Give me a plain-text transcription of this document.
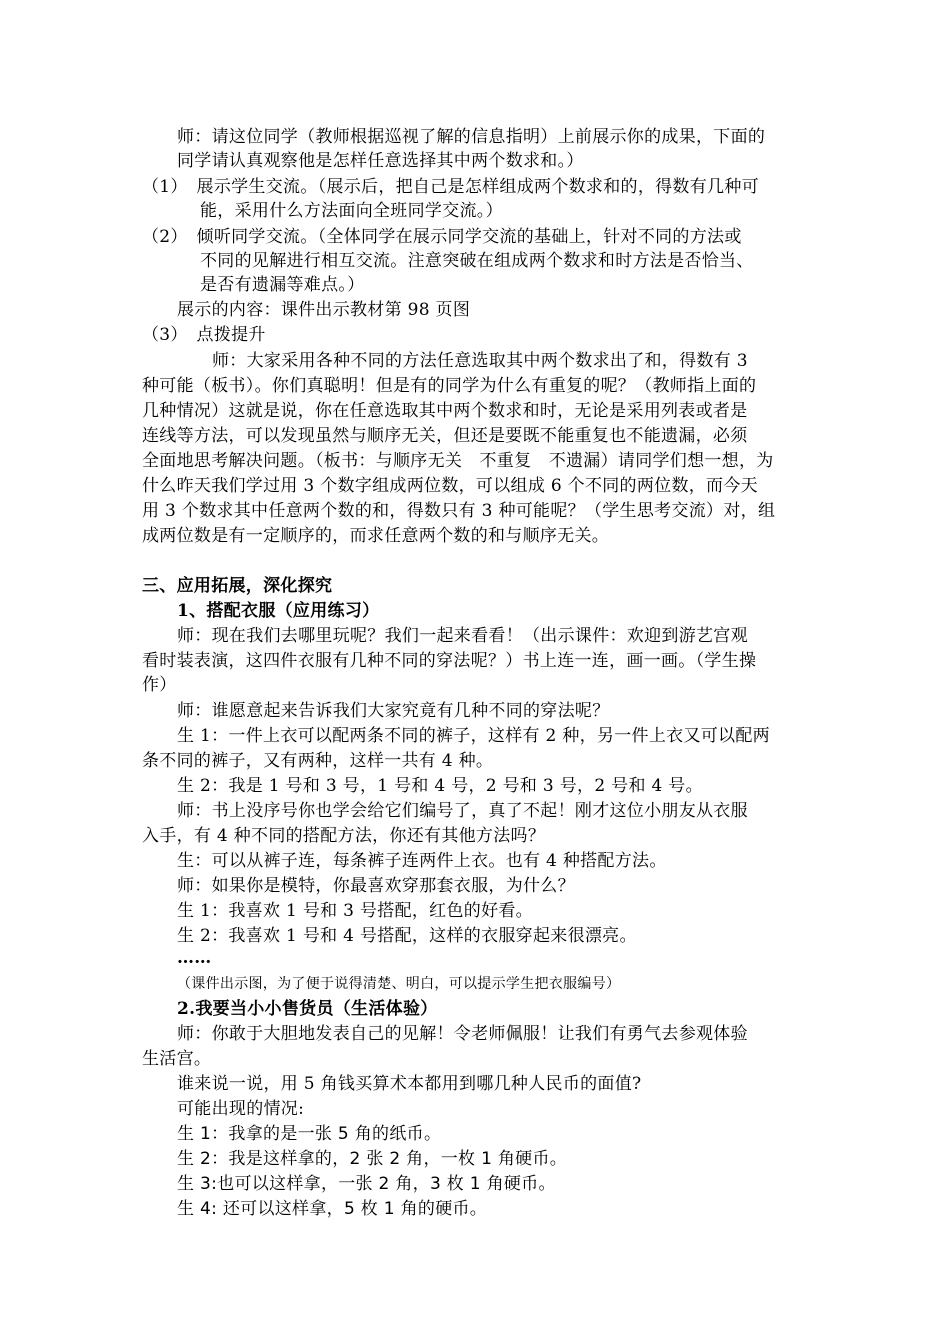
师：请这位同学（教师根据巡视了解的信息指明）上前展示你的成果，下面的
同学请认真观察他是怎样任意选择其中两个数求和。）
（1）　展示学生交流。（展示后，把自己是怎样组成两个数求和的，得数有几种可
能，采用什么方法面向全班同学交流。）
（2）　倾听同学交流。（全体同学在展示同学交流的基础上，针对不同的方法或
不同的见解进行相互交流。注意突破在组成两个数求和时方法是否恰当、
是否有遗漏等难点。）
展示的内容：课件出示教材第 98 页图
（3）　点拨提升
师：大家采用各种不同的方法任意选取其中两个数求出了和，得数有 3
种可能（板书）。你们真聪明！但是有的同学为什么有重复的呢？（教师指上面的
几种情况）这就是说，你在任意选取其中两个数求和时，无论是采用列表或者是
连线等方法，可以发现虽然与顺序无关，但还是要既不能重复也不能遗漏，必须
全面地思考解决问题。（板书：与顺序无关　不重复　不遗漏）请同学们想一想，为
什么昨天我们学过用 3 个数字组成两位数，可以组成 6 个不同的两位数，而今天
用 3 个数求其中任意两个数的和，得数只有 3 种可能呢？（学生思考交流）对，组
成两位数是有一定顺序的，而求任意两个数的和与顺序无关。
三、应用拓展，深化探究
1、搭配衣服（应用练习）
师：现在我们去哪里玩呢？我们一起来看看！（出示课件：欢迎到游艺宫观
看时装表演，这四件衣服有几种不同的穿法呢？）书上连一连，画一画。（学生操
作）
师：谁愿意起来告诉我们大家究竟有几种不同的穿法呢？
生 1：一件上衣可以配两条不同的裤子，这样有 2 种，另一件上衣又可以配两
条不同的裤子，又有两种，这样一共有 4 种。
生 2：我是 1 号和 3 号，1 号和 4 号，2 号和 3 号，2 号和 4 号。
师：书上没序号你也学会给它们编号了，真了不起！刚才这位小朋友从衣服
入手，有 4 种不同的搭配方法，你还有其他方法吗？
生：可以从裤子连，每条裤子连两件上衣。也有 4 种搭配方法。
师：如果你是模特，你最喜欢穿那套衣服，为什么？
生 1：我喜欢 1 号和 3 号搭配，红色的好看。
生 2：我喜欢 1 号和 4 号搭配，这样的衣服穿起来很漂亮。
……
（课件出示图，为了便于说得清楚、明白，可以提示学生把衣服编号）
2.我要当小小售货员（生活体验）
师：你敢于大胆地发表自己的见解！令老师佩服！让我们有勇气去参观体验
生活宫。
谁来说一说，用 5 角钱买算术本都用到哪几种人民币的面值?
可能出现的情况:
生 1：我拿的是一张 5 角的纸币。
生 2：我是这样拿的，2 张 2 角，一枚 1 角硬币。
生 3:也可以这样拿，一张 2 角，3 枚 1 角硬币。
生 4: 还可以这样拿，5 枚 1 角的硬币。
